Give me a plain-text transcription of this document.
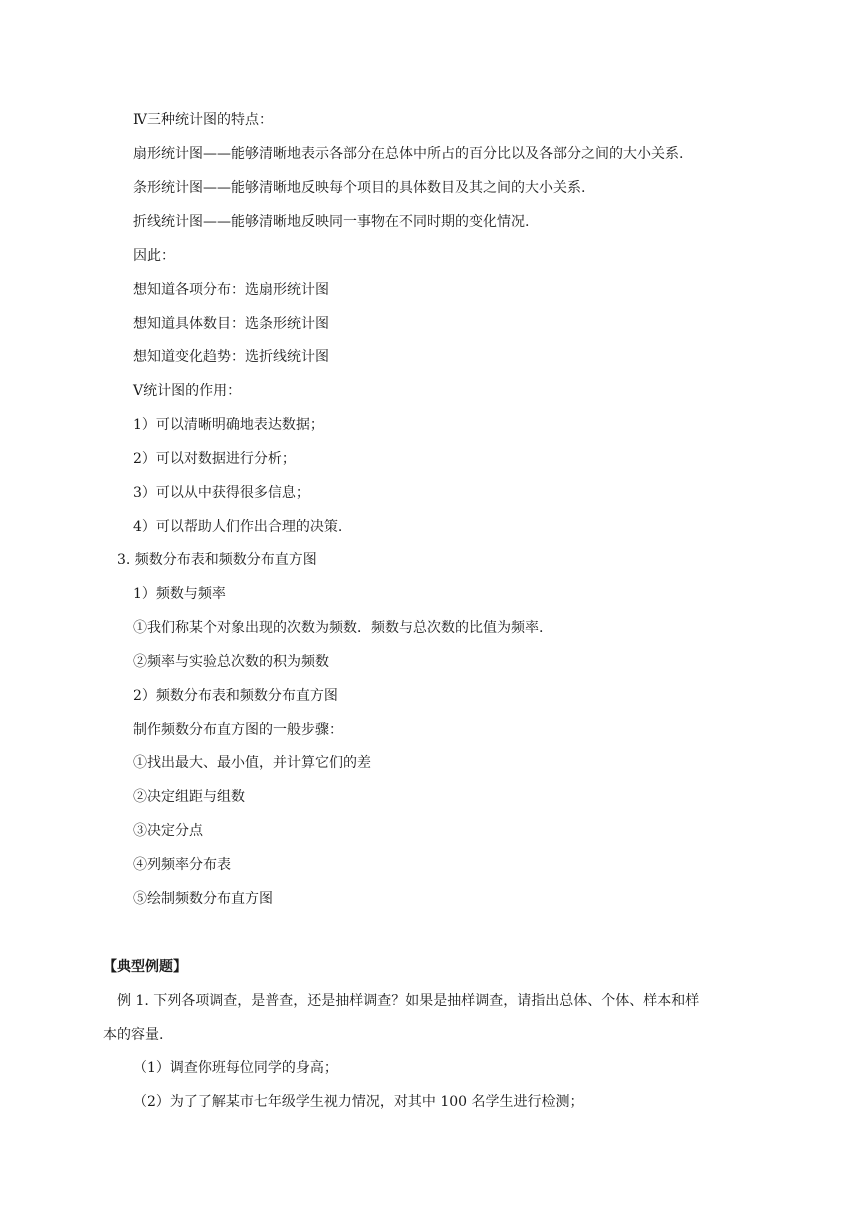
Ⅳ三种统计图的特点：
扇形统计图——能够清晰地表示各部分在总体中所占的百分比以及各部分之间的大小关系.
条形统计图——能够清晰地反映每个项目的具体数目及其之间的大小关系.
折线统计图——能够清晰地反映同一事物在不同时期的变化情况.
因此：
想知道各项分布：选扇形统计图
想知道具体数目：选条形统计图
想知道变化趋势：选折线统计图
Ⅴ统计图的作用：
1）可以清晰明确地表达数据；
2）可以对数据进行分析；
3）可以从中获得很多信息；
4）可以帮助人们作出合理的决策.
3. 频数分布表和频数分布直方图
1）频数与频率
①我们称某个对象出现的次数为频数．频数与总次数的比值为频率.
②频率与实验总次数的积为频数
2）频数分布表和频数分布直方图
制作频数分布直方图的一般步骤：
①找出最大、最小值，并计算它们的差
②决定组距与组数
③决定分点
④列频率分布表
⑤绘制频数分布直方图
【典型例题】
例 1. 下列各项调查，是普查，还是抽样调查？如果是抽样调查，请指出总体、个体、样本和样
本的容量.
（1）调查你班每位同学的身高；
（2）为了了解某市七年级学生视力情况，对其中 100 名学生进行检测；
